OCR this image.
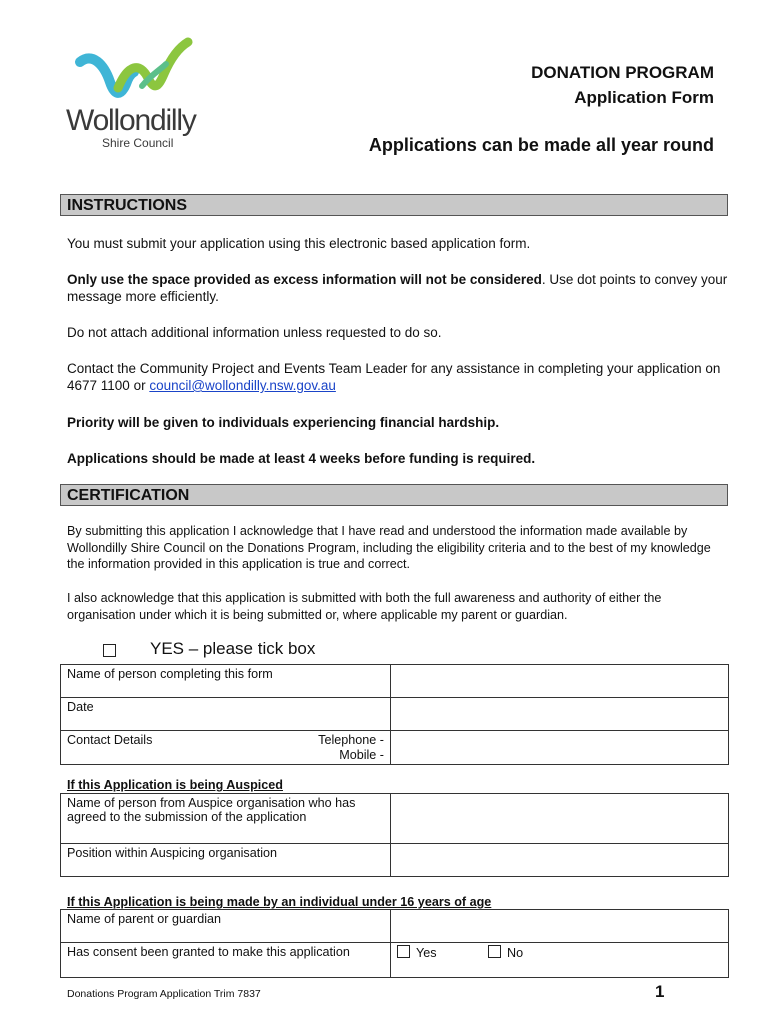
Wollondilly
Shire Council
DONATION PROGRAM
Application Form
Applications can be made all year round
INSTRUCTIONS
You must submit your application using this electronic based application form.
Only use the space provided as excess information will not be considered. Use dot points to convey your message more efficiently.
Do not attach additional information unless requested to do so.
Contact the Community Project and Events Team Leader for any assistance in completing your application on 4677 1100 or council@wollondilly.nsw.gov.au
Priority will be given to individuals experiencing financial hardship.
Applications should be made at least 4 weeks before funding is required.
CERTIFICATION
By submitting this application I acknowledge that I have read and understood the information made available by Wollondilly Shire Council on the Donations Program, including the eligibility criteria and to the best of my knowledge the information provided in this application is true and correct.
I also acknowledge that this application is submitted with both the full awareness and authority of either the organisation under which it is being submitted or, where applicable my parent or guardian.
YES – please tick box
Name of person completing this form	
Date	
Contact Details Telephone -
Mobile -	

If this Application is being Auspiced
Name of person from Auspice organisation who has agreed to the submission of the application	
Position within Auspicing organisation	
If this Application is being made by an individual under 16 years of age
Name of parent or guardian	
Has consent been granted to make this application	Yes No
Donations Program Application Trim 7837	1
